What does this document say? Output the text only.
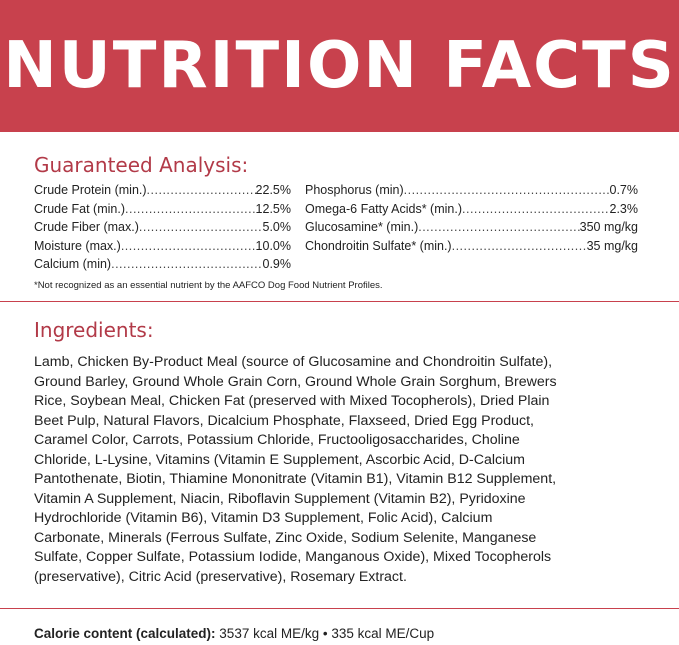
NUTRITION FACTS
Guaranteed Analysis:
Crude Protein (min.) .....	22.5%
Crude Fat (min.) .....	12.5%
Crude Fiber (max.) .....	5.0%
Moisture (max.) .....	10.0%
Calcium (min) .....	0.9%
Phosphorus (min) .....	0.7%
Omega-6 Fatty Acids* (min.) .....	2.3%
Glucosamine* (min.) .....	350 mg/kg
Chondroitin Sulfate* (min.) .....	35 mg/kg
*Not recognized as an essential nutrient by the AAFCO Dog Food Nutrient Profiles.
Ingredients:
Lamb, Chicken By-Product Meal (source of Glucosamine and Chondroitin Sulfate),
Ground Barley, Ground Whole Grain Corn, Ground Whole Grain Sorghum, Brewers
Rice, Soybean Meal, Chicken Fat (preserved with Mixed Tocopherols), Dried Plain
Beet Pulp, Natural Flavors, Dicalcium Phosphate, Flaxseed, Dried Egg Product,
Caramel Color, Carrots, Potassium Chloride, Fructooligosaccharides, Choline
Chloride, L-Lysine, Vitamins (Vitamin E Supplement, Ascorbic Acid, D-Calcium
Pantothenate, Biotin, Thiamine Mononitrate (Vitamin B1), Vitamin B12 Supplement,
Vitamin A Supplement, Niacin, Riboflavin Supplement (Vitamin B2), Pyridoxine
Hydrochloride (Vitamin B6), Vitamin D3 Supplement, Folic Acid), Calcium
Carbonate, Minerals (Ferrous Sulfate, Zinc Oxide, Sodium Selenite, Manganese
Sulfate, Copper Sulfate, Potassium Iodide, Manganous Oxide), Mixed Tocopherols
(preservative), Citric Acid (preservative), Rosemary Extract.
Calorie content (calculated): 3537 kcal ME/kg • 335 kcal ME/Cup
